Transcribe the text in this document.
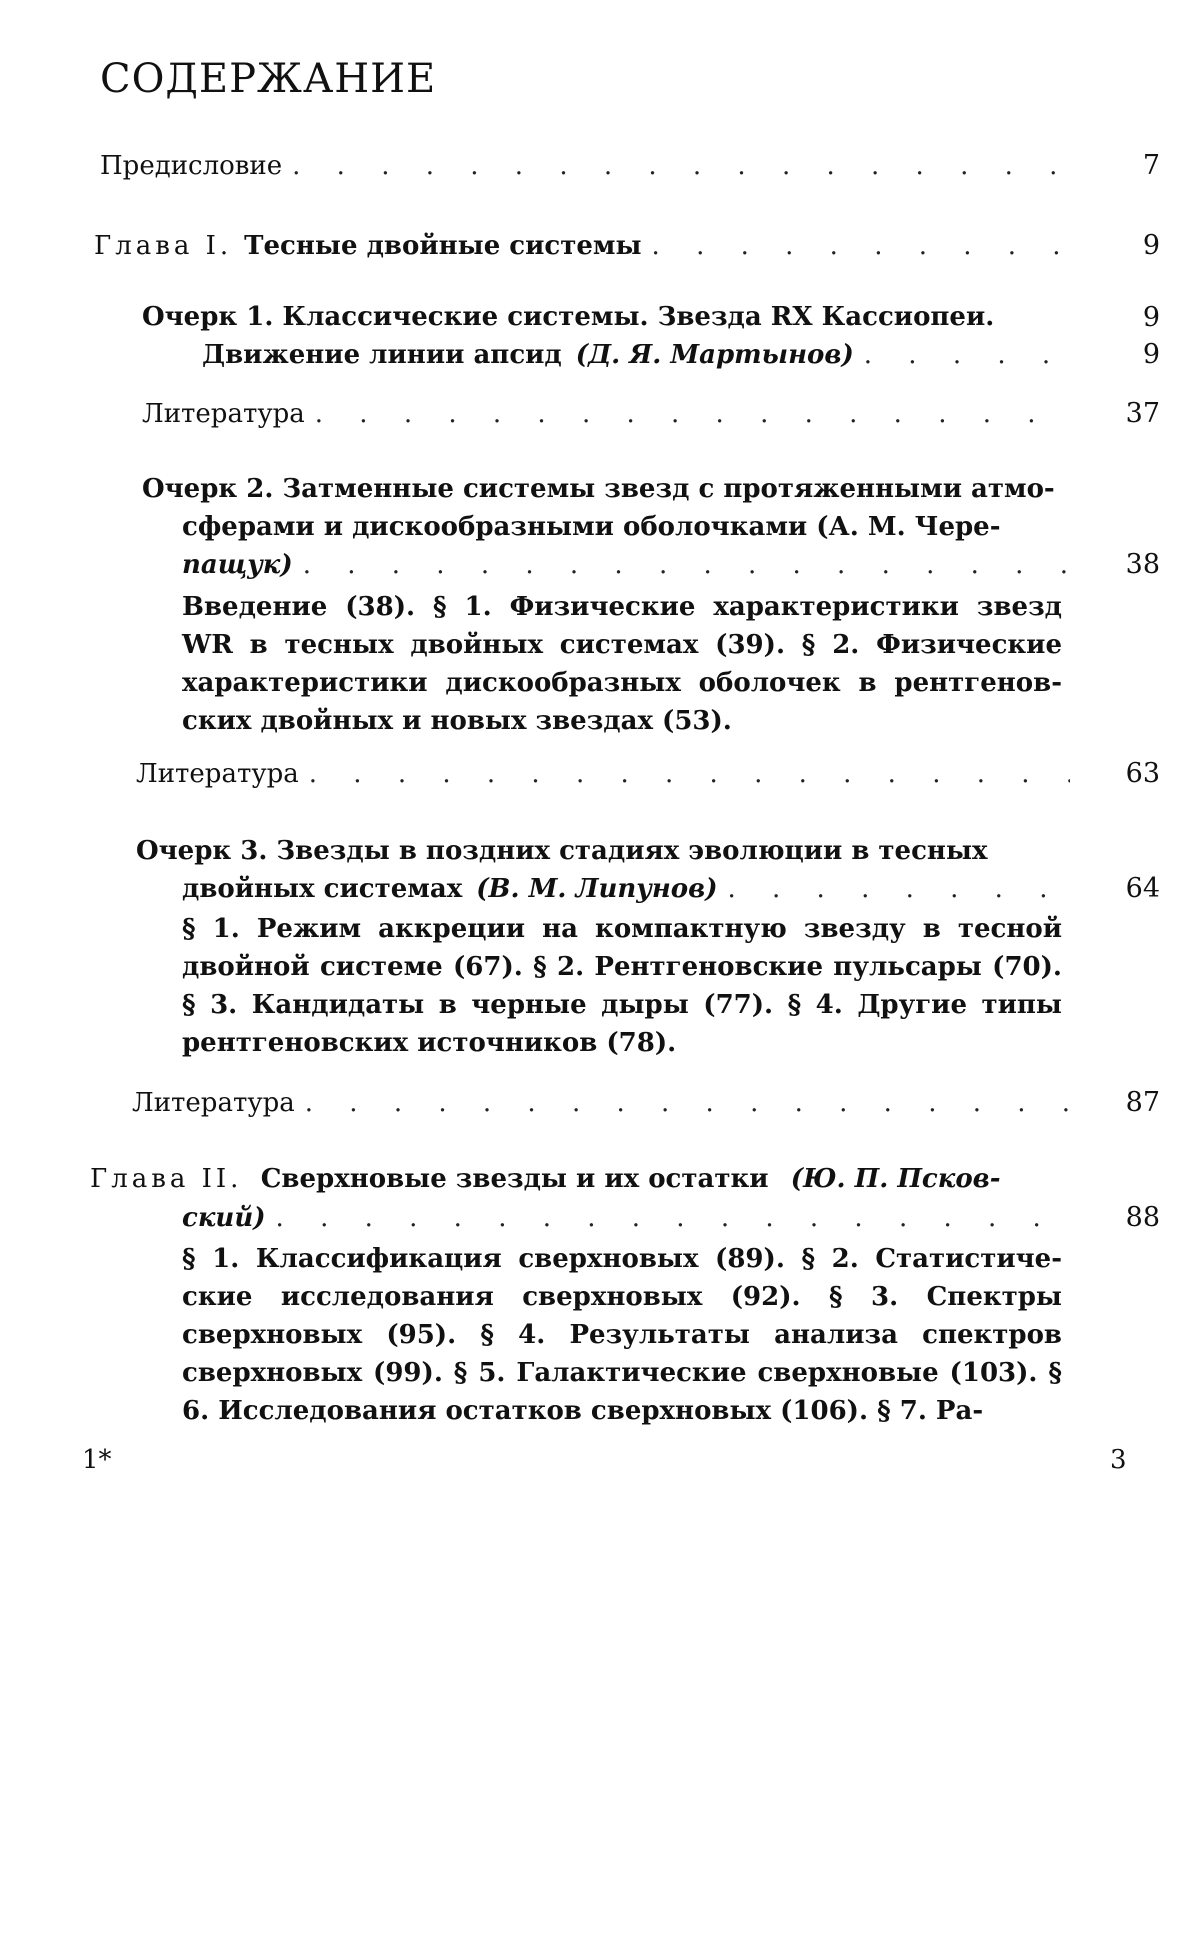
СОДЕРЖАНИЕ
Предисловие . . .	7
Глава I. Тесные двойные системы . . .	9
Очерк 1. Классические системы. Звезда RX Кассиопеи.	9
Движение линии апсид (Д. Я. Мартынов) . . .	9
Литература . . .	37
Очерк 2. Затменные системы звезд с протяженными атмо-
сферами и дискообразными оболочками (А. М. Чере-
пащук) . . .	38
Введение (38). § 1. Физические характеристики звезд WR в тесных двойных системах (39). § 2. Физические характеристики дискообразных оболочек в рентгенов-ских двойных и новых звездах (53).
Литература . . .	63
Очерк 3. Звезды в поздних стадиях эволюции в тесных
двойных системах (В. М. Липунов) . . .	64
§ 1. Режим аккреции на компактную звезду в тесной двойной системе (67). § 2. Рентгеновские пульсары (70). § 3. Кандидаты в черные дыры (77). § 4. Другие типы рентгеновских источников (78).
Литература . . .	87
Глава II. Сверхновые звезды и их остатки (Ю. П. Псков-
ский) . . .	88
§ 1. Классификация сверхновых (89). § 2. Статистиче-ские исследования сверхновых (92). § 3. Спектры сверхновых (95). § 4. Результаты анализа спектров сверхновых (99). § 5. Галактические сверхновые (103). § 6. Исследования остатков сверхновых (106). § 7. Ра-
1*	3
